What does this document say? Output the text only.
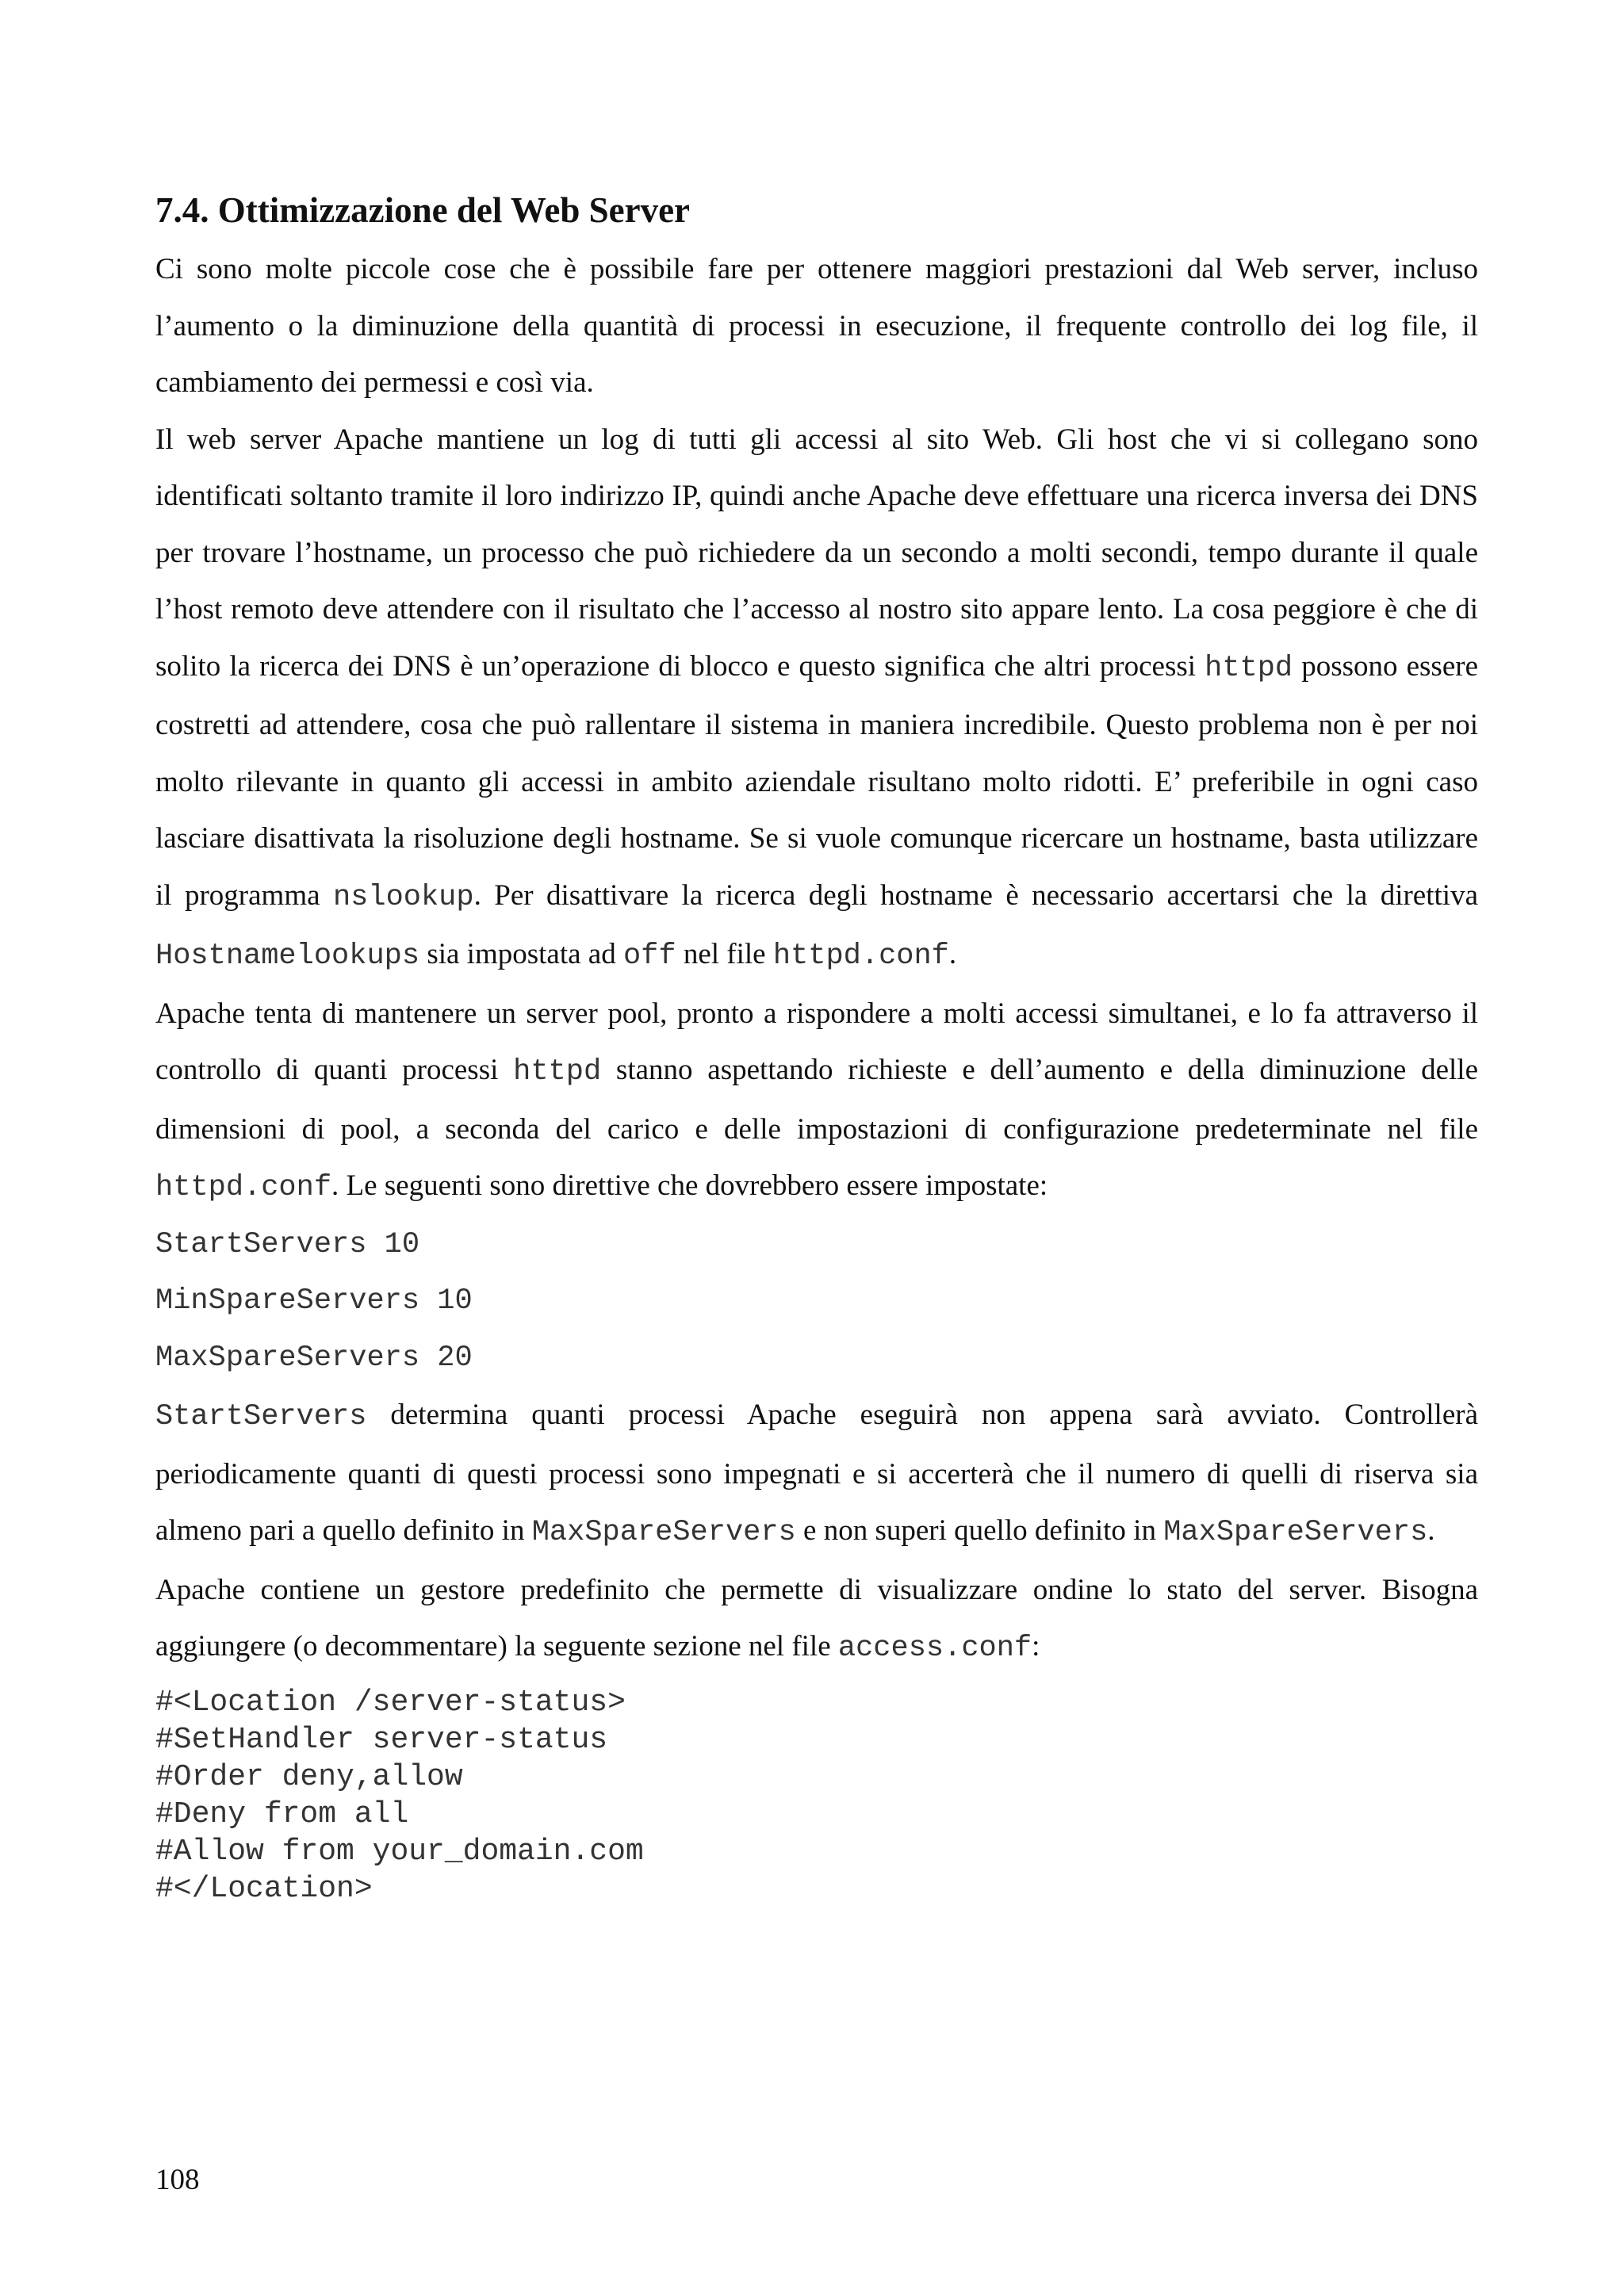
7.4. Ottimizzazione del Web Server

Ci sono molte piccole cose che è possibile fare per ottenere maggiori prestazioni dal Web server, incluso l’aumento o la diminuzione della quantità di processi in esecuzione, il frequente controllo dei log file, il cambiamento dei permessi e così via.

Il web server Apache mantiene un log di tutti gli accessi al sito Web. Gli host che vi si collegano sono identificati soltanto tramite il loro indirizzo IP, quindi anche Apache deve effettuare una ricerca inversa dei DNS per trovare l’hostname, un processo che può richiedere da un secondo a molti secondi, tempo durante il quale l’host remoto deve attendere con il risultato che l’accesso al nostro sito appare lento. La cosa peggiore è che di solito la ricerca dei DNS è un’operazione di blocco e questo significa che altri processi httpd possono essere costretti ad attendere, cosa che può rallentare il sistema in maniera incredibile. Questo problema non è per noi molto rilevante in quanto gli accessi in ambito aziendale risultano molto ridotti. E’ preferibile in ogni caso lasciare disattivata la risoluzione degli hostname. Se si vuole comunque ricercare un hostname, basta utilizzare il programma nslookup. Per disattivare la ricerca degli hostname è necessario accertarsi che la direttiva Hostnamelookups sia impostata ad off nel file httpd.conf.

Apache tenta di mantenere un server pool, pronto a rispondere a molti accessi simultanei, e lo fa attraverso il controllo di quanti processi httpd stanno aspettando richieste e dell’aumento e della diminuzione delle dimensioni di pool, a seconda del carico e delle impostazioni di configurazione predeterminate nel file httpd.conf. Le seguenti sono direttive che dovrebbero essere impostate:

StartServers 10

MinSpareServers 10

MaxSpareServers 20

StartServers determina quanti processi Apache eseguirà non appena sarà avviato. Controllerà periodicamente quanti di questi processi sono impegnati e si accerterà che il numero di quelli di riserva sia almeno pari a quello definito in MaxSpareServers e non superi quello definito in MaxSpareServers.

Apache contiene un gestore predefinito che permette di visualizzare ondine lo stato del server. Bisogna aggiungere (o decommentare) la seguente sezione nel file access.conf:

#<Location /server-status>
#SetHandler server-status
#Order deny,allow
#Deny from all
#Allow from your_domain.com
#</Location>
108
